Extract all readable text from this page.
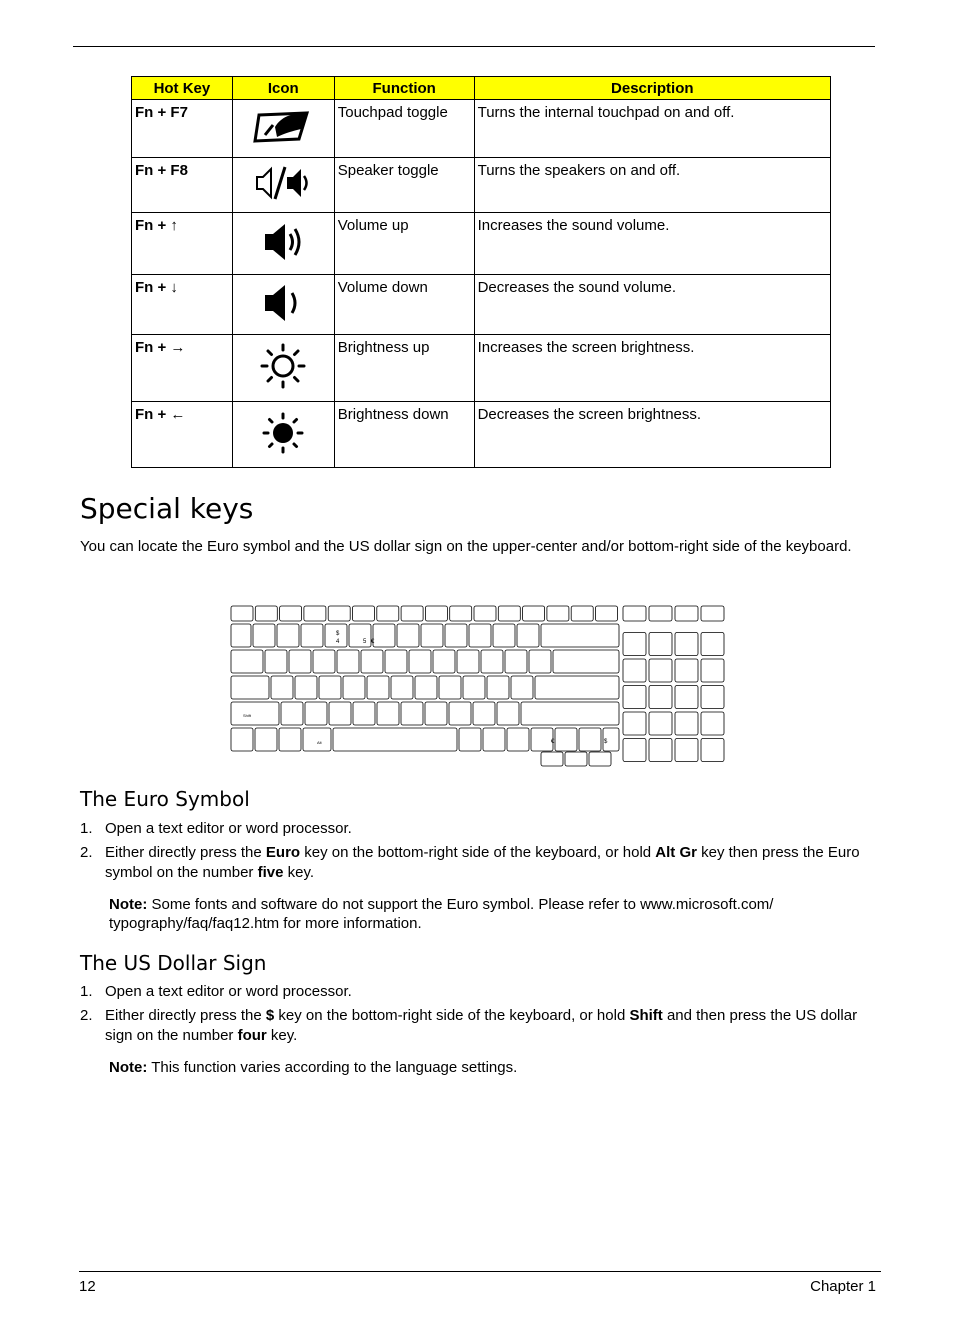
Hot Key	Icon	Function	Description
Fn + F7		Touchpad toggle	Turns the internal touchpad on and off.
Fn + F8		Speaker toggle	Turns the speakers on and off.
Fn + ↑		Volume up	Increases the sound volume.
Fn + ↓		Volume down	Decreases the sound volume.
Fn + →		Brightness up	Increases the screen brightness.
Fn + ←		Brightness down	Decreases the screen brightness.
Special keys

You can locate the Euro symbol and the US dollar sign on the upper-center and/or bottom-right side of the keyboard.

$
4	5 €
Shift
Alt	€	$
The Euro Symbol
1. Open a text editor or word processor.
2. Either directly press the Euro key on the bottom-right side of the keyboard, or hold Alt Gr key then press the Euro symbol on the number five key.
Note: Some fonts and software do not support the Euro symbol. Please refer to www.microsoft.com/ typography/faq/faq12.htm for more information.
The US Dollar Sign
1. Open a text editor or word processor.
2. Either directly press the $ key on the bottom-right side of the keyboard, or hold Shift and then press the US dollar sign on the number four key.
Note: This function varies according to the language settings.
12	Chapter 1
